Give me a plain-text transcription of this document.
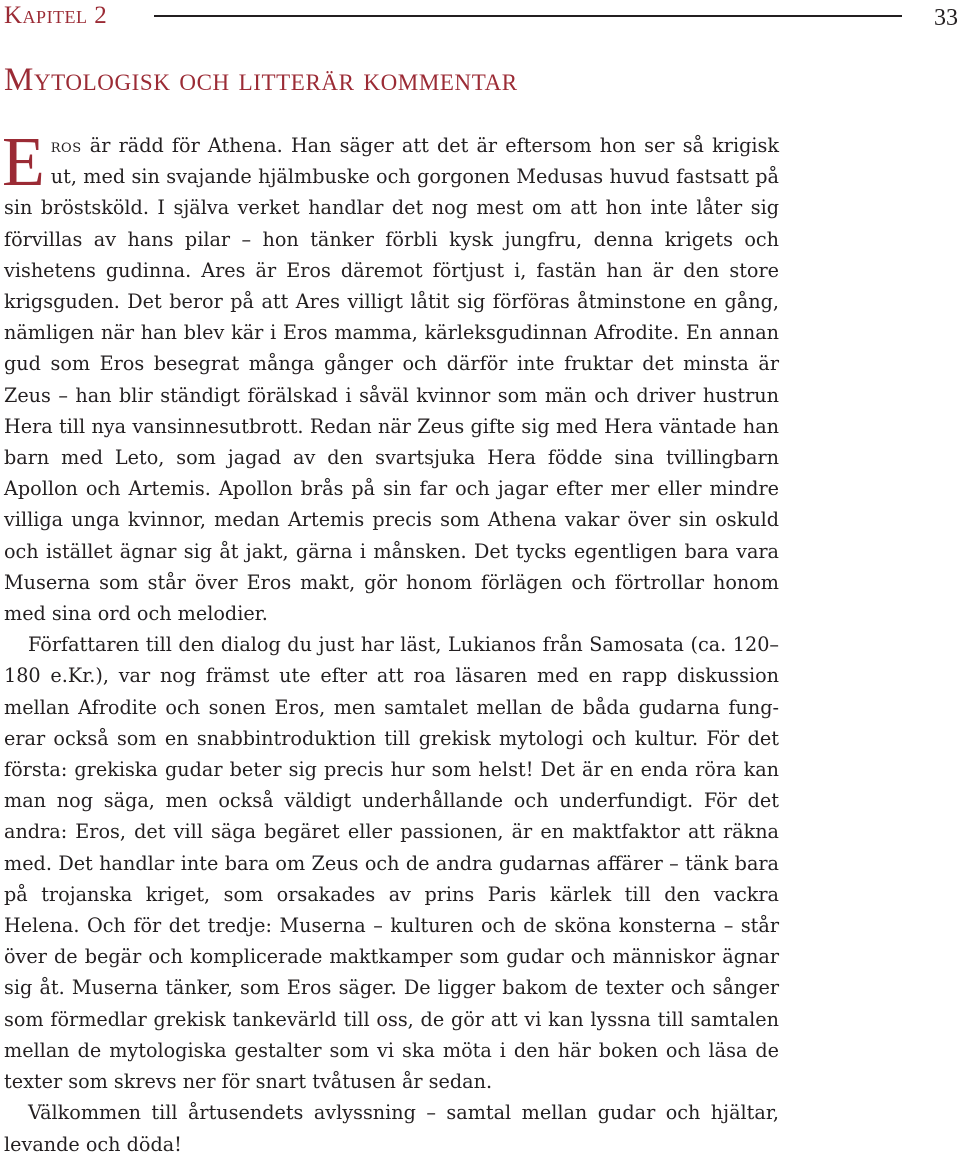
Kapitel 2	33
Mytologisk och litterär kommentar

Eros är rädd för Athena. Han säger att det är eftersom hon ser så krigisk ut, med sin svajande hjälmbuske och gorgonen Medusas huvud fastsatt på sin bröstsköld. I själva verket handlar det nog mest om att hon inte låter sig förvillas av hans pilar – hon tänker förbli kysk jungfru, denna krigets och vishetens gudinna. Ares är Eros däremot förtjust i, fastän han är den store krigsguden. Det beror på att Ares villigt låtit sig förföras åtminstone en gång, nämligen när han blev kär i Eros mamma, kärleksgudinnan Afrodite. En annan gud som Eros besegrat många gånger och därför inte fruktar det minsta är Zeus – han blir ständigt förälskad i såväl kvinnor som män och driver hustrun Hera till nya vansinnesutbrott. Redan när Zeus gifte sig med Hera väntade han barn med Leto, som jagad av den svartsjuka Hera födde sina tvillingbarn Apollon och Artemis. Apollon brås på sin far och jagar efter mer eller mindre villiga unga kvinnor, medan Artemis precis som Athena vakar över sin oskuld och istället ägnar sig åt jakt, gärna i månsken. Det tycks egentligen bara vara Muserna som står över Eros makt, gör honom förlägen och förtrollar honom med sina ord och melodier.

Författaren till den dialog du just har läst, Lukianos från Samosata (ca. 120–180 e.Kr.), var nog främst ute efter att roa läsaren med en rapp diskussion mellan Afrodite och sonen Eros, men samtalet mellan de båda gudarna fungerar också som en snabbintroduktion till grekisk mytologi och kultur. För det första: grekiska gudar beter sig precis hur som helst! Det är en enda röra kan man nog säga, men också väldigt underhållande och underfundigt. För det andra: Eros, det vill säga begäret eller passionen, är en maktfaktor att räkna med. Det handlar inte bara om Zeus och de andra gudarnas affärer – tänk bara på trojanska kriget, som orsakades av prins Paris kärlek till den vackra Helena. Och för det tredje: Muserna – kulturen och de sköna konsterna – står över de begär och komplicerade maktkamper som gudar och människor ägnar sig åt. Muserna tänker, som Eros säger. De ligger bakom de texter och sånger som förmedlar grekisk tankevärld till oss, de gör att vi kan lyssna till samtalen mellan de mytologiska gestalter som vi ska möta i den här boken och läsa de texter som skrevs ner för snart tvåtusen år sedan.

Välkommen till årtusendets avlyssning – samtal mellan gudar och hjältar, levande och döda!
